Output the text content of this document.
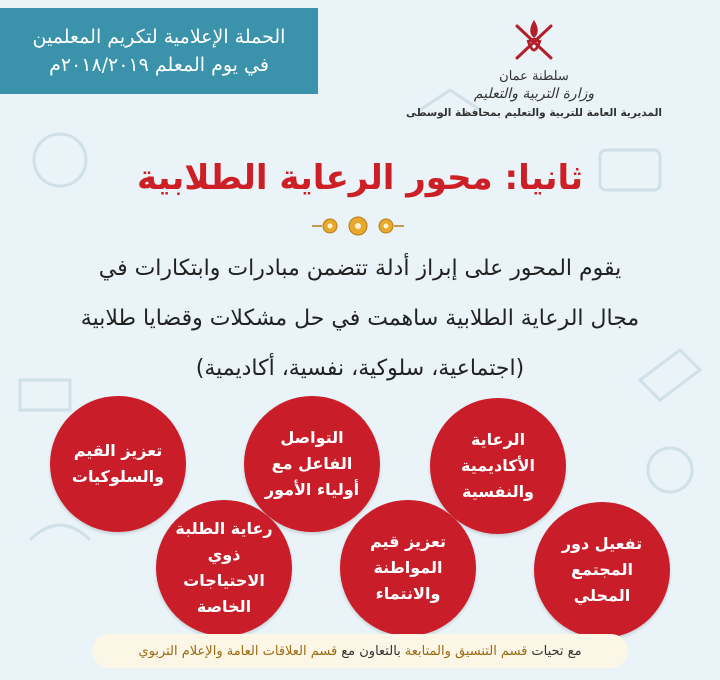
الحملة الإعلامية لتكريم المعلمين
في يوم المعلم ٢٠١٨/٢٠١٩م
سلطنة عمان
وزارة التربية والتعليم
المديرية العامة للتربية والتعليم بمحافظة الوسطى
ثانيا: محور الرعاية الطلابية
يقوم المحور على إبراز أدلة تتضمن مبادرات وابتكارات في
مجال الرعاية الطلابية ساهمت في حل مشكلات وقضايا طلابية
(اجتماعية، سلوكية، نفسية، أكاديمية)
الرعاية الأكاديمية والنفسية
التواصل الفاعل مع أولياء الأمور
تعزيز القيم والسلوكيات
تفعيل دور المجتمع المحلي
تعزيز قيم المواطنة والانتماء
رعاية الطلبة ذوي الاحتياجات الخاصة
مع تحيات
قسم التنسيق والمتابعة
بالتعاون مع
قسم العلاقات العامة والإعلام التربوي
